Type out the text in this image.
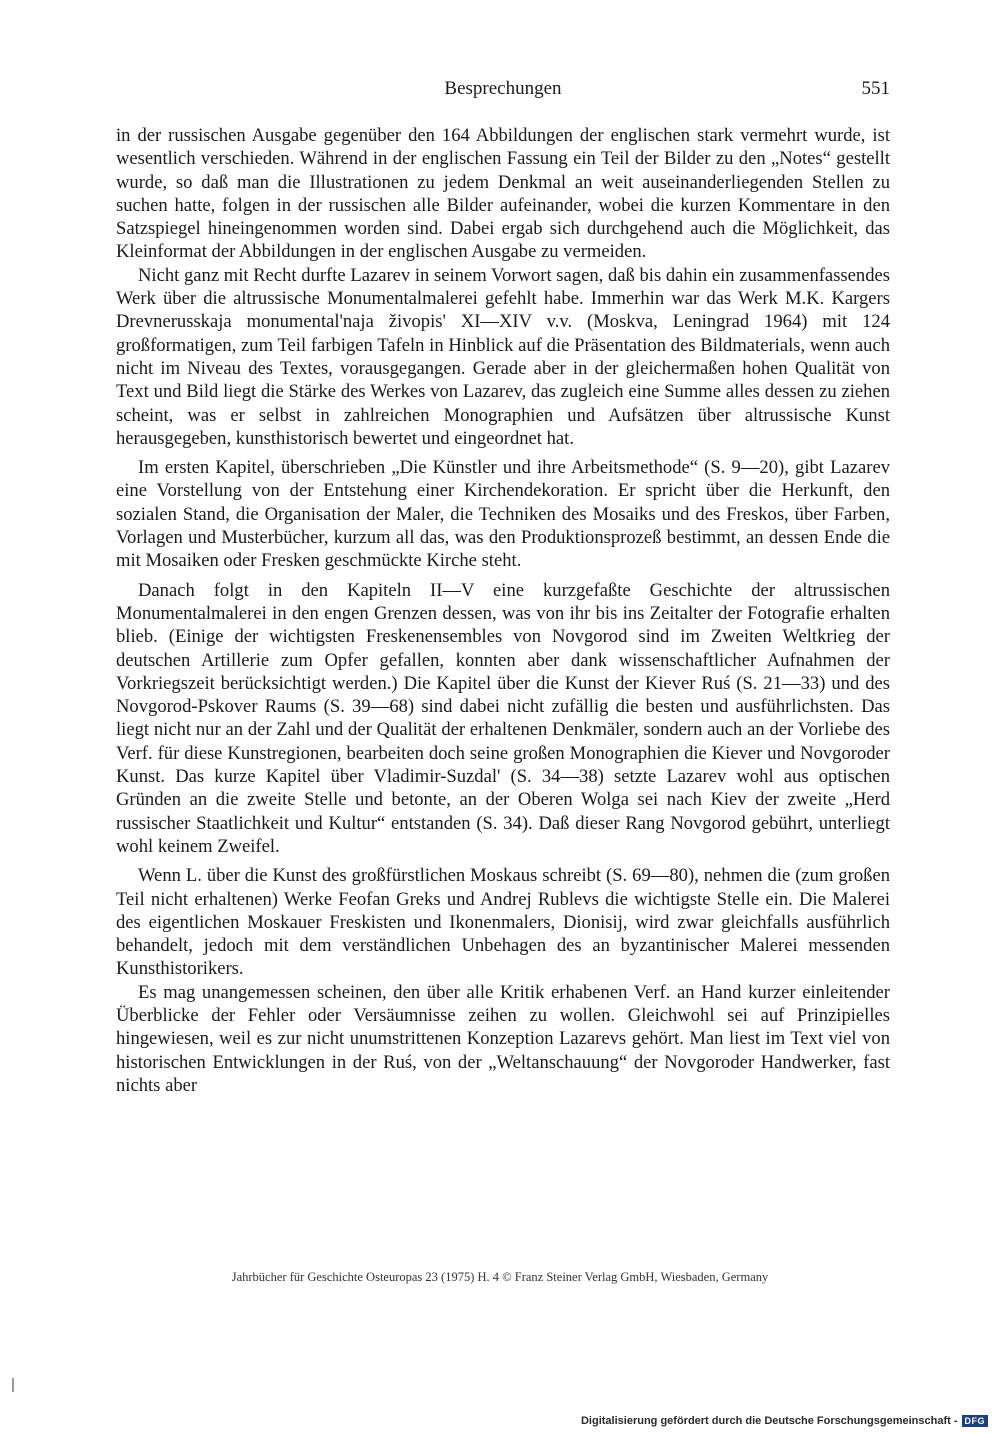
Besprechungen	551

in der russischen Ausgabe gegenüber den 164 Abbildungen der englischen stark vermehrt wurde, ist wesentlich verschieden. Während in der englischen Fassung ein Teil der Bilder zu den „Notes“ gestellt wurde, so daß man die Illustrationen zu jedem Denkmal an weit auseinanderliegenden Stellen zu suchen hatte, folgen in der russischen alle Bilder aufeinander, wobei die kurzen Kommentare in den Satzspiegel hineingenommen worden sind. Dabei ergab sich durchgehend auch die Möglichkeit, das Kleinformat der Abbildungen in der englischen Ausgabe zu vermeiden.

Nicht ganz mit Recht durfte Lazarev in seinem Vorwort sagen, daß bis dahin ein zusammenfassendes Werk über die altrussische Monumentalmalerei gefehlt habe. Immerhin war das Werk M.K. Kargers Drevnerusskaja monumental'naja živopis' XI—XIV v.v. (Moskva, Leningrad 1964) mit 124 großformatigen, zum Teil farbigen Tafeln in Hinblick auf die Präsentation des Bildmaterials, wenn auch nicht im Niveau des Textes, vorausgegangen. Gerade aber in der gleichermaßen hohen Qualität von Text und Bild liegt die Stärke des Werkes von Lazarev, das zugleich eine Summe alles dessen zu ziehen scheint, was er selbst in zahlreichen Monographien und Aufsätzen über altrussische Kunst herausgegeben, kunsthistorisch bewertet und eingeordnet hat.

Im ersten Kapitel, überschrieben „Die Künstler und ihre Arbeitsmethode“ (S. 9—20), gibt Lazarev eine Vorstellung von der Entstehung einer Kirchendekoration. Er spricht über die Herkunft, den sozialen Stand, die Organisation der Maler, die Techniken des Mosaiks und des Freskos, über Farben, Vorlagen und Musterbücher, kurzum all das, was den Produktionsprozeß bestimmt, an dessen Ende die mit Mosaiken oder Fresken geschmückte Kirche steht.

Danach folgt in den Kapiteln II—V eine kurzgefaßte Geschichte der altrussischen Monumentalmalerei in den engen Grenzen dessen, was von ihr bis ins Zeitalter der Fotografie erhalten blieb. (Einige der wichtigsten Freskenensembles von Novgorod sind im Zweiten Weltkrieg der deutschen Artillerie zum Opfer gefallen, konnten aber dank wissenschaftlicher Aufnahmen der Vorkriegszeit berücksichtigt werden.) Die Kapitel über die Kunst der Kiever Ruś (S. 21—33) und des Novgorod-Pskover Raums (S. 39—68) sind dabei nicht zufällig die besten und ausführlichsten. Das liegt nicht nur an der Zahl und der Qualität der erhaltenen Denkmäler, sondern auch an der Vorliebe des Verf. für diese Kunstregionen, bearbeiten doch seine großen Monographien die Kiever und Novgoroder Kunst. Das kurze Kapitel über Vladimir-Suzdal' (S. 34—38) setzte Lazarev wohl aus optischen Gründen an die zweite Stelle und betonte, an der Oberen Wolga sei nach Kiev der zweite „Herd russischer Staatlichkeit und Kultur“ entstanden (S. 34). Daß dieser Rang Novgorod gebührt, unterliegt wohl keinem Zweifel.

Wenn L. über die Kunst des großfürstlichen Moskaus schreibt (S. 69—80), nehmen die (zum großen Teil nicht erhaltenen) Werke Feofan Greks und Andrej Rublevs die wichtigste Stelle ein. Die Malerei des eigentlichen Moskauer Freskisten und Ikonenmalers, Dionisij, wird zwar gleichfalls ausführlich behandelt, jedoch mit dem verständlichen Unbehagen des an byzantinischer Malerei messenden Kunsthistorikers.

Es mag unangemessen scheinen, den über alle Kritik erhabenen Verf. an Hand kurzer einleitender Überblicke der Fehler oder Versäumnisse zeihen zu wollen. Gleichwohl sei auf Prinzipielles hingewiesen, weil es zur nicht unumstrittenen Konzeption Lazarevs gehört. Man liest im Text viel von historischen Entwicklungen in der Ruś, von der „Weltanschauung“ der Novgoroder Handwerker, fast nichts aber

Jahrbücher für Geschichte Osteuropas 23 (1975) H. 4 © Franz Steiner Verlag GmbH, Wiesbaden, Germany
Digitalisierung gefördert durch die Deutsche Forschungsgemeinschaft - DFG
